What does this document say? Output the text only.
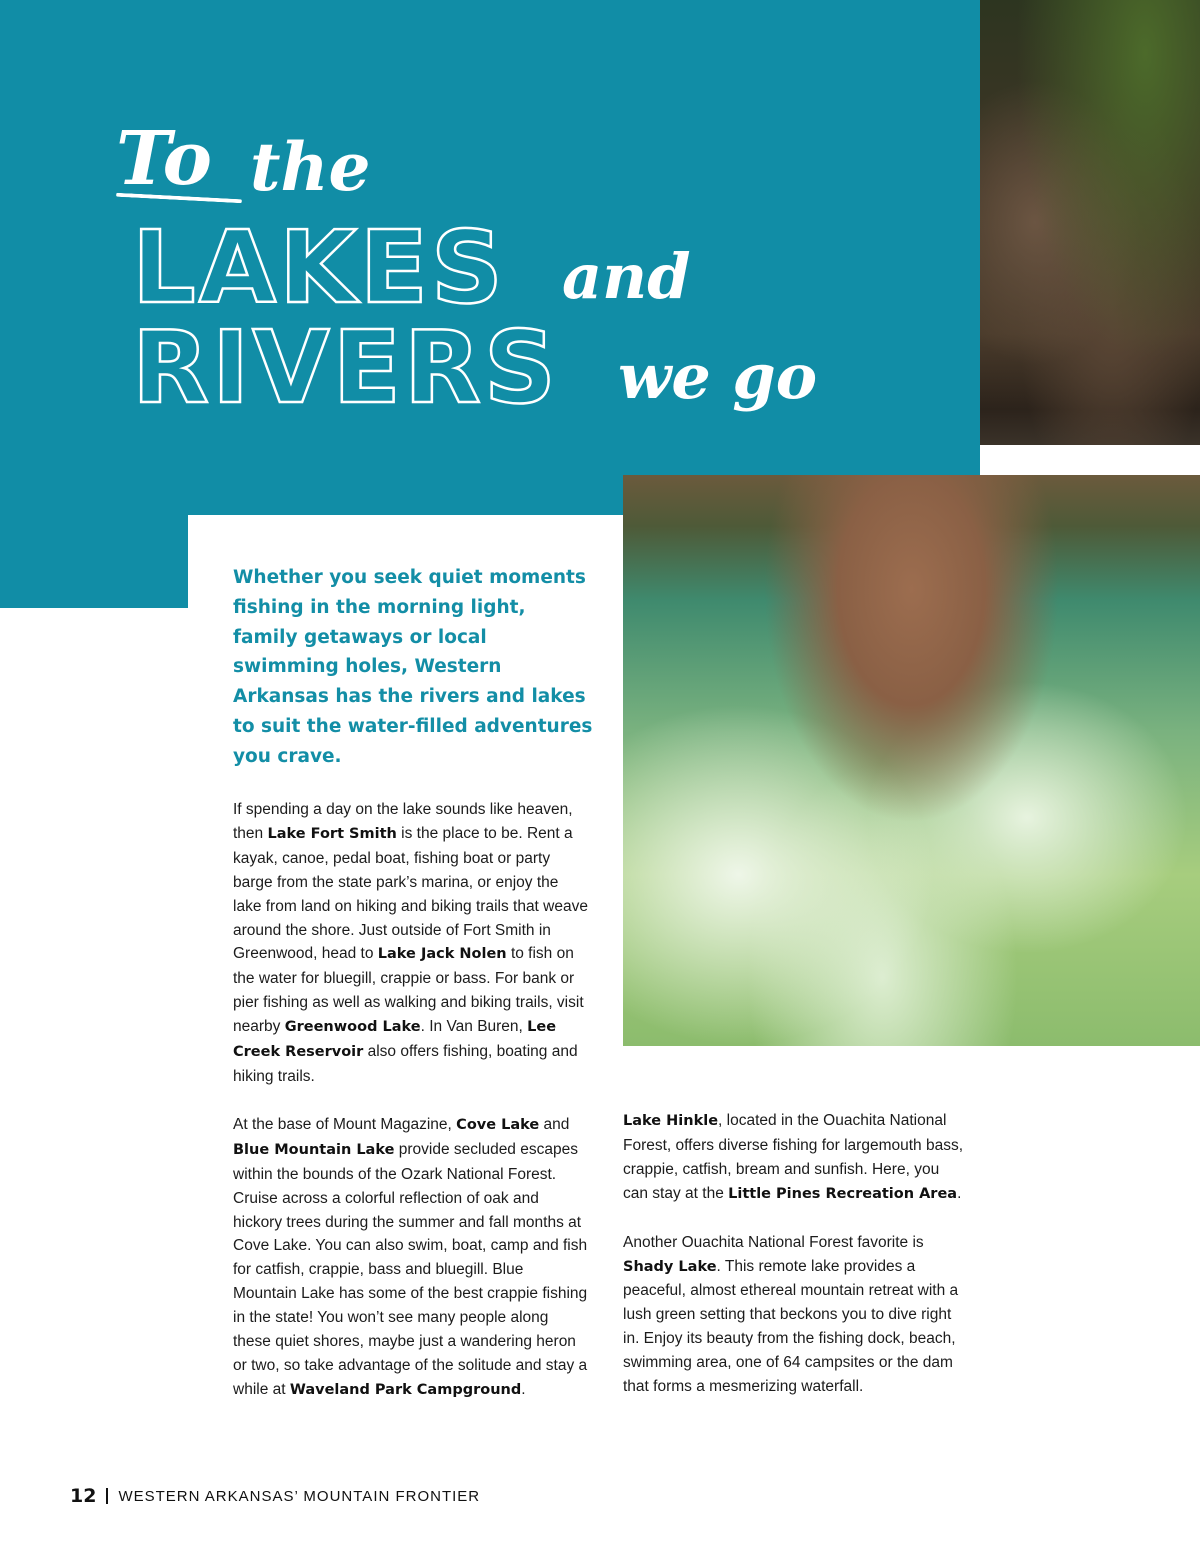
To the
LAKES and
RIVERS we go

Whether you seek quiet moments fishing in the morning light, family getaways or local swimming holes, Western Arkansas has the rivers and lakes to suit the water-filled adventures you crave.

If spending a day on the lake sounds like heaven, then Lake Fort Smith is the place to be. Rent a kayak, canoe, pedal boat, fishing boat or party barge from the state park’s marina, or enjoy the lake from land on hiking and biking trails that weave around the shore. Just outside of Fort Smith in Greenwood, head to Lake Jack Nolen to fish on the water for bluegill, crappie or bass. For bank or pier fishing as well as walking and biking trails, visit nearby Greenwood Lake. In Van Buren, Lee Creek Reservoir also offers fishing, boating and hiking trails.

At the base of Mount Magazine, Cove Lake and Blue Mountain Lake provide secluded escapes within the bounds of the Ozark National Forest. Cruise across a colorful reflection of oak and hickory trees during the summer and fall months at Cove Lake. You can also swim, boat, camp and fish for catfish, crappie, bass and bluegill. Blue Mountain Lake has some of the best crappie fishing in the state! You won’t see many people along these quiet shores, maybe just a wandering heron or two, so take advantage of the solitude and stay a while at Waveland Park Campground.

Lake Hinkle, located in the Ouachita National Forest, offers diverse fishing for largemouth bass, crappie, catfish, bream and sunfish. Here, you can stay at the Little Pines Recreation Area.

Another Ouachita National Forest favorite is Shady Lake. This remote lake provides a peaceful, almost ethereal mountain retreat with a lush green setting that beckons you to dive right in. Enjoy its beauty from the fishing dock, beach, swimming area, one of 64 campsites or the dam that forms a mesmerizing waterfall.

12 WESTERN ARKANSAS’ MOUNTAIN FRONTIER
